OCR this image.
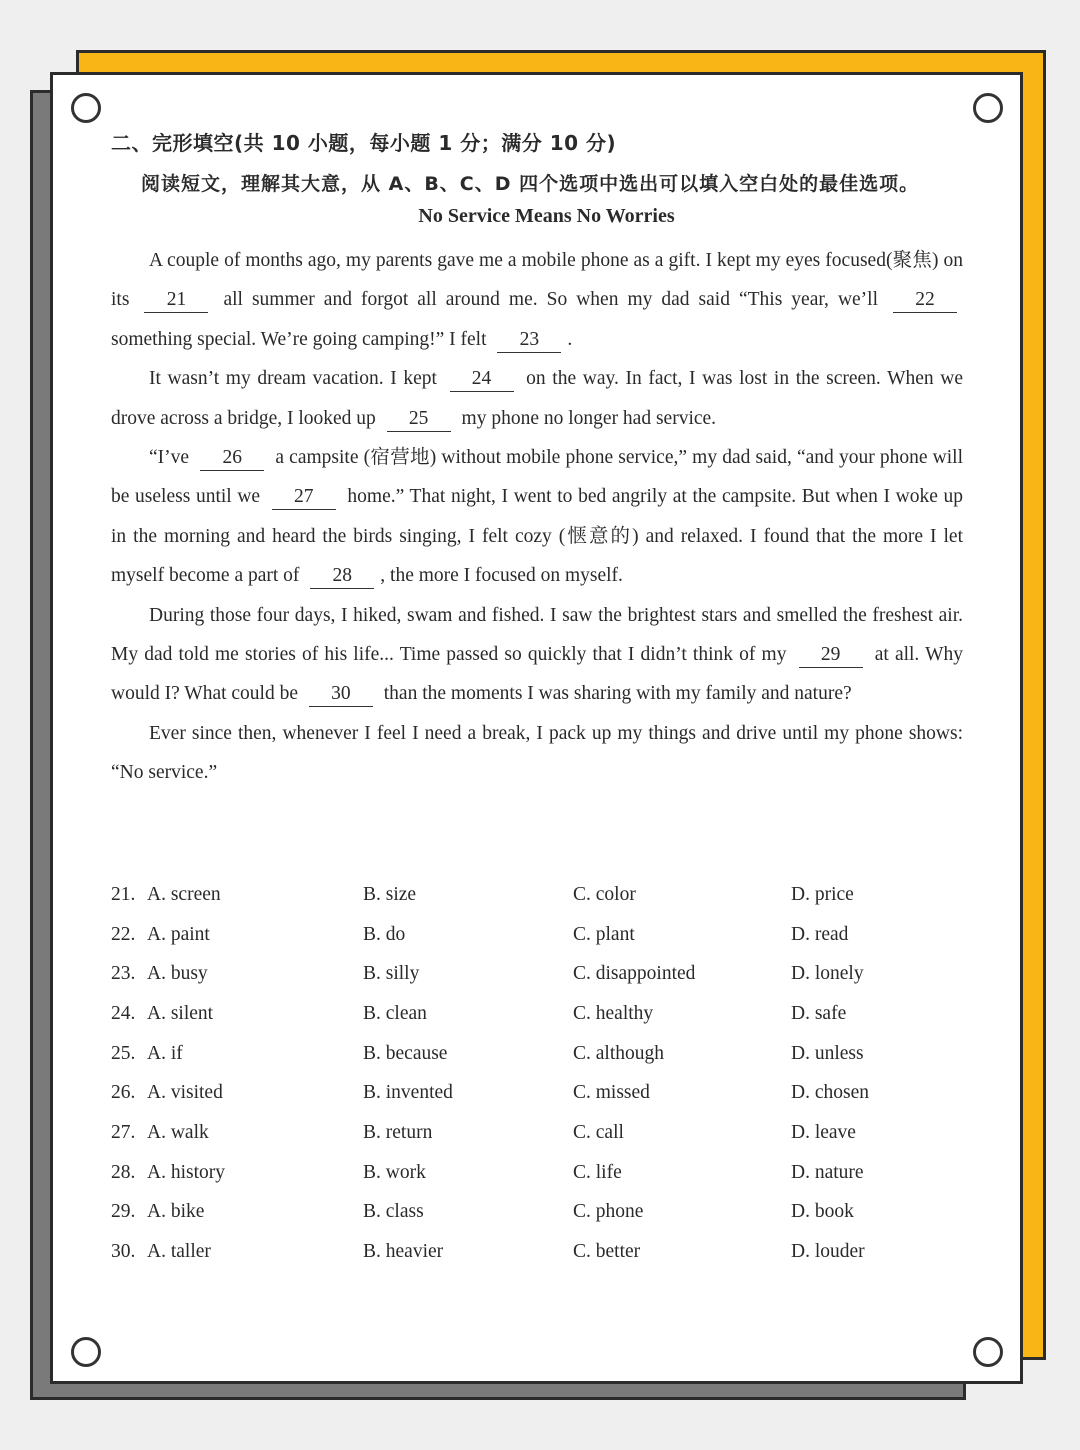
二、完形填空(共 10 小题，每小题 1 分；满分 10 分)
阅读短文，理解其大意，从 A、B、C、D 四个选项中选出可以填入空白处的最佳选项。
No Service Means No Worries

A couple of months ago, my parents gave me a mobile phone as a gift. I kept my eyes focused(聚焦) on its 21 all summer and forgot all around me. So when my dad said “This year, we’ll 22 something special. We’re going camping!” I felt 23 .

It wasn’t my dream vacation. I kept 24 on the way. In fact, I was lost in the screen. When we drove across a bridge, I looked up 25 my phone no longer had service.

“I’ve 26 a campsite (宿营地) without mobile phone service,” my dad said, “and your phone will be useless until we 27 home.” That night, I went to bed angrily at the campsite. But when I woke up in the morning and heard the birds singing, I felt cozy (惬意的) and relaxed. I found that the more I let myself become a part of 28 , the more I focused on myself.

During those four days, I hiked, swam and fished. I saw the brightest stars and smelled the freshest air. My dad told me stories of his life... Time passed so quickly that I didn’t think of my 29 at all. Why would I? What could be 30 than the moments I was sharing with my family and nature?

Ever since then, whenever I feel I need a break, I pack up my things and drive until my phone shows: “No service.”

21. A. screen	B. size	C. color	D. price
22. A. paint	B. do	C. plant	D. read
23. A. busy	B. silly	C. disappointed	D. lonely
24. A. silent	B. clean	C. healthy	D. safe
25. A. if	B. because	C. although	D. unless
26. A. visited	B. invented	C. missed	D. chosen
27. A. walk	B. return	C. call	D. leave
28. A. history	B. work	C. life	D. nature
29. A. bike	B. class	C. phone	D. book
30. A. taller	B. heavier	C. better	D. louder
